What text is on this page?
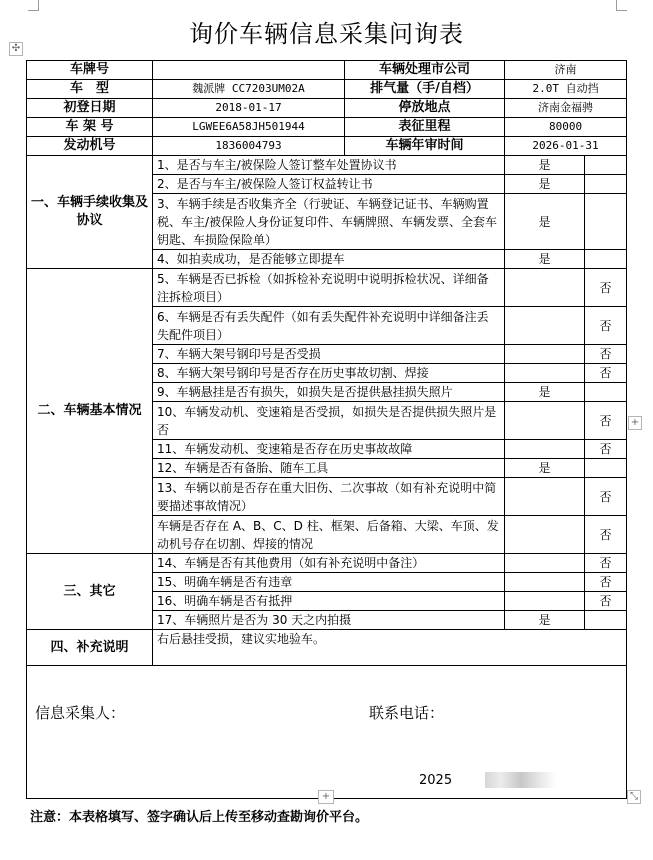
询价车辆信息采集问询表
✣
车牌号		车辆处理市公司	济南	
车　型	魏派牌 CC7203UM02A	排气量（手/自档）	2.0T 自动挡	
初登日期	2018-01-17	停放地点	济南金福骋	
车 架 号	LGWEE6A58JH501944	表征里程	80000	
发动机号	1836004793	车辆年审时间	2026-01-31	
一、车辆手续收集及协议	1、是否与车主/被保险人签订整车处置协议书		是	
	2、是否与车主/被保险人签订权益转让书		是	
	3、车辆手续是否收集齐全（行驶证、车辆登记证书、车辆购置税、车主/被保险人身份证复印件、车辆牌照、车辆发票、全套车钥匙、车损险保险单）		是	
	4、如拍卖成功，是否能够立即提车		是	
二、车辆基本情况	5、车辆是否已拆检（如拆检补充说明中说明拆检状况、详细备注拆检项目）			否
	6、车辆是否有丢失配件（如有丢失配件补充说明中详细备注丢失配件项目）			否
	7、车辆大架号钢印号是否受损			否
	8、车辆大架号钢印号是否存在历史事故切割、焊接			否
	9、车辆悬挂是否有损失，如损失是否提供悬挂损失照片		是	
	10、车辆发动机、变速箱是否受损，如损失是否提供损失照片是否			否
	11、车辆发动机、变速箱是否存在历史事故故障			否
	12、车辆是否有备胎、随车工具		是	
	13、车辆以前是否存在重大旧伤、二次事故（如有补充说明中简要描述事故情况）			否
	车辆是否存在 A、B、C、D 柱、框架、后备箱、大梁、车顶、发动机号存在切割、焊接的情况			否
三、其它	14、车辆是否有其他费用（如有补充说明中备注）			否
	15、明确车辆是否有违章			否
	16、明确车辆是否有抵押			否
	17、车辆照片是否为 30 天之内拍摄		是	
四、补充说明	右后悬挂受损，建议实地验车。			

信息采集人： 联系电话：
2025				
+
+	⤡
注意：本表格填写、签字确认后上传至移动查勘询价平台。
